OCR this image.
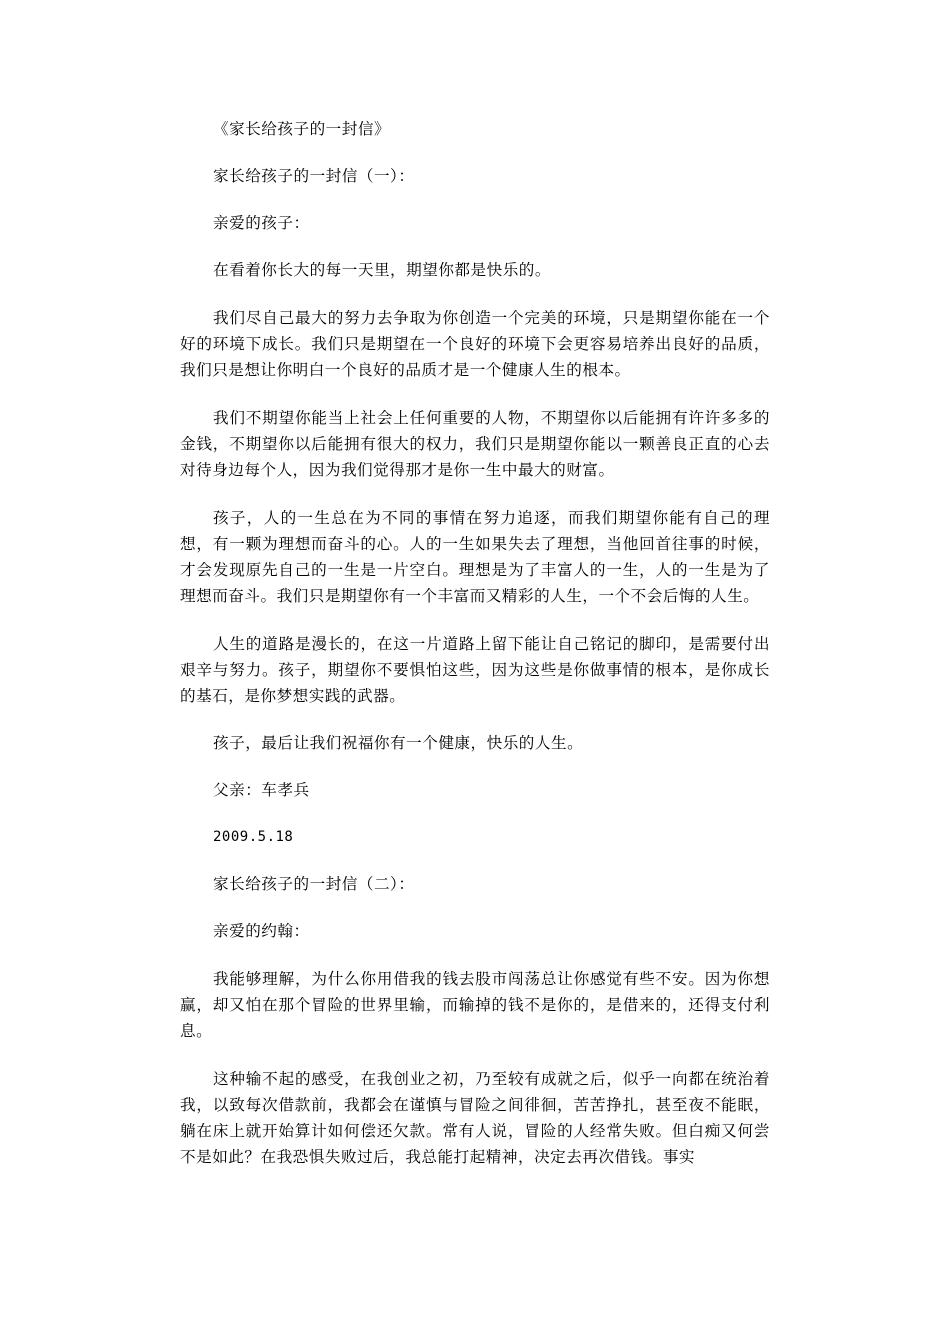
《家长给孩子的一封信》

家长给孩子的一封信（一）：

亲爱的孩子：

在看着你长大的每一天里，期望你都是快乐的。

我们尽自己最大的努力去争取为你创造一个完美的环境，只是期望你能在一个好的环境下成长。我们只是期望在一个良好的环境下会更容易培养出良好的品质，我们只是想让你明白一个良好的品质才是一个健康人生的根本。

我们不期望你能当上社会上任何重要的人物，不期望你以后能拥有许许多多的金钱，不期望你以后能拥有很大的权力，我们只是期望你能以一颗善良正直的心去对待身边每个人，因为我们觉得那才是你一生中最大的财富。

孩子，人的一生总在为不同的事情在努力追逐，而我们期望你能有自己的理想，有一颗为理想而奋斗的心。人的一生如果失去了理想，当他回首往事的时候，才会发现原先自己的一生是一片空白。理想是为了丰富人的一生，人的一生是为了理想而奋斗。我们只是期望你有一个丰富而又精彩的人生，一个不会后悔的人生。

人生的道路是漫长的，在这一片道路上留下能让自己铭记的脚印，是需要付出艰辛与努力。孩子，期望你不要惧怕这些，因为这些是你做事情的根本，是你成长的基石，是你梦想实践的武器。

孩子，最后让我们祝福你有一个健康，快乐的人生。

父亲：车孝兵

2009.5.18

家长给孩子的一封信（二）：

亲爱的约翰：

我能够理解，为什么你用借我的钱去股市闯荡总让你感觉有些不安。因为你想赢，却又怕在那个冒险的世界里输，而输掉的钱不是你的，是借来的，还得支付利息。

这种输不起的感受，在我创业之初，乃至较有成就之后，似乎一向都在统治着我，以致每次借款前，我都会在谨慎与冒险之间徘徊，苦苦挣扎，甚至夜不能眠，躺在床上就开始算计如何偿还欠款。常有人说，冒险的人经常失败。但白痴又何尝不是如此？在我恐惧失败过后，我总能打起精神，决定去再次借钱。事实
